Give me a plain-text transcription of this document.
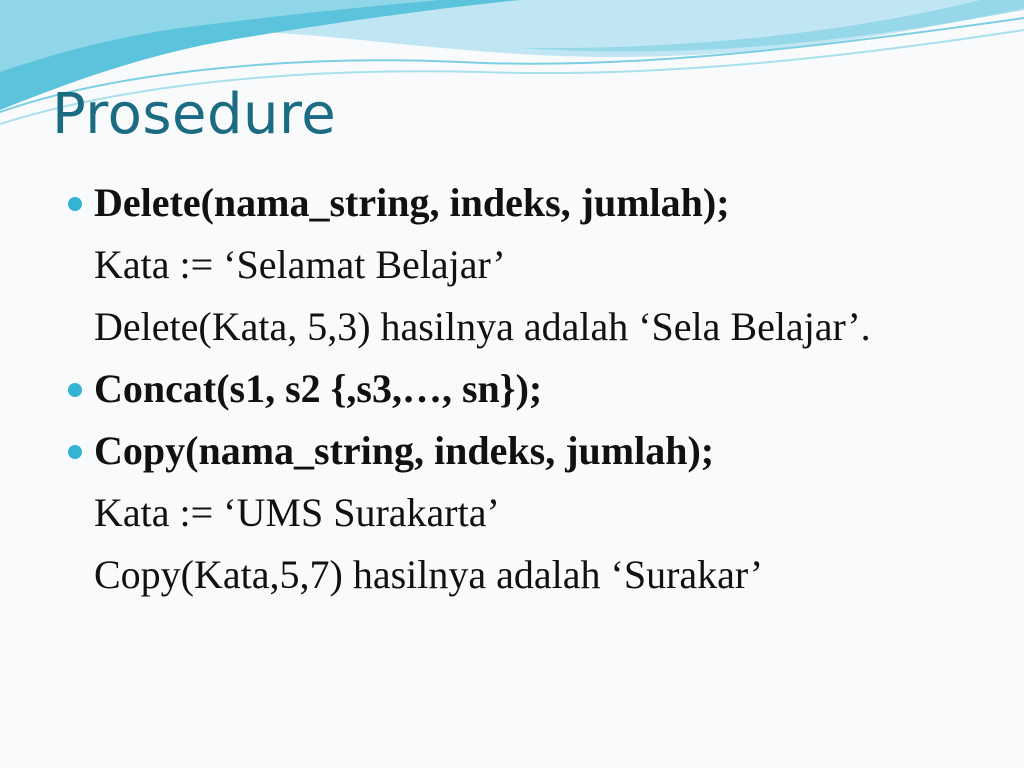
Prosedure
Delete(nama_string, indeks, jumlah);
Kata := ‘Selamat Belajar’
Delete(Kata, 5,3) hasilnya adalah ‘Sela Belajar’.
Concat(s1, s2 {,s3,…, sn});
Copy(nama_string, indeks, jumlah);
Kata := ‘UMS Surakarta’
Copy(Kata,5,7) hasilnya adalah ‘Surakar’
